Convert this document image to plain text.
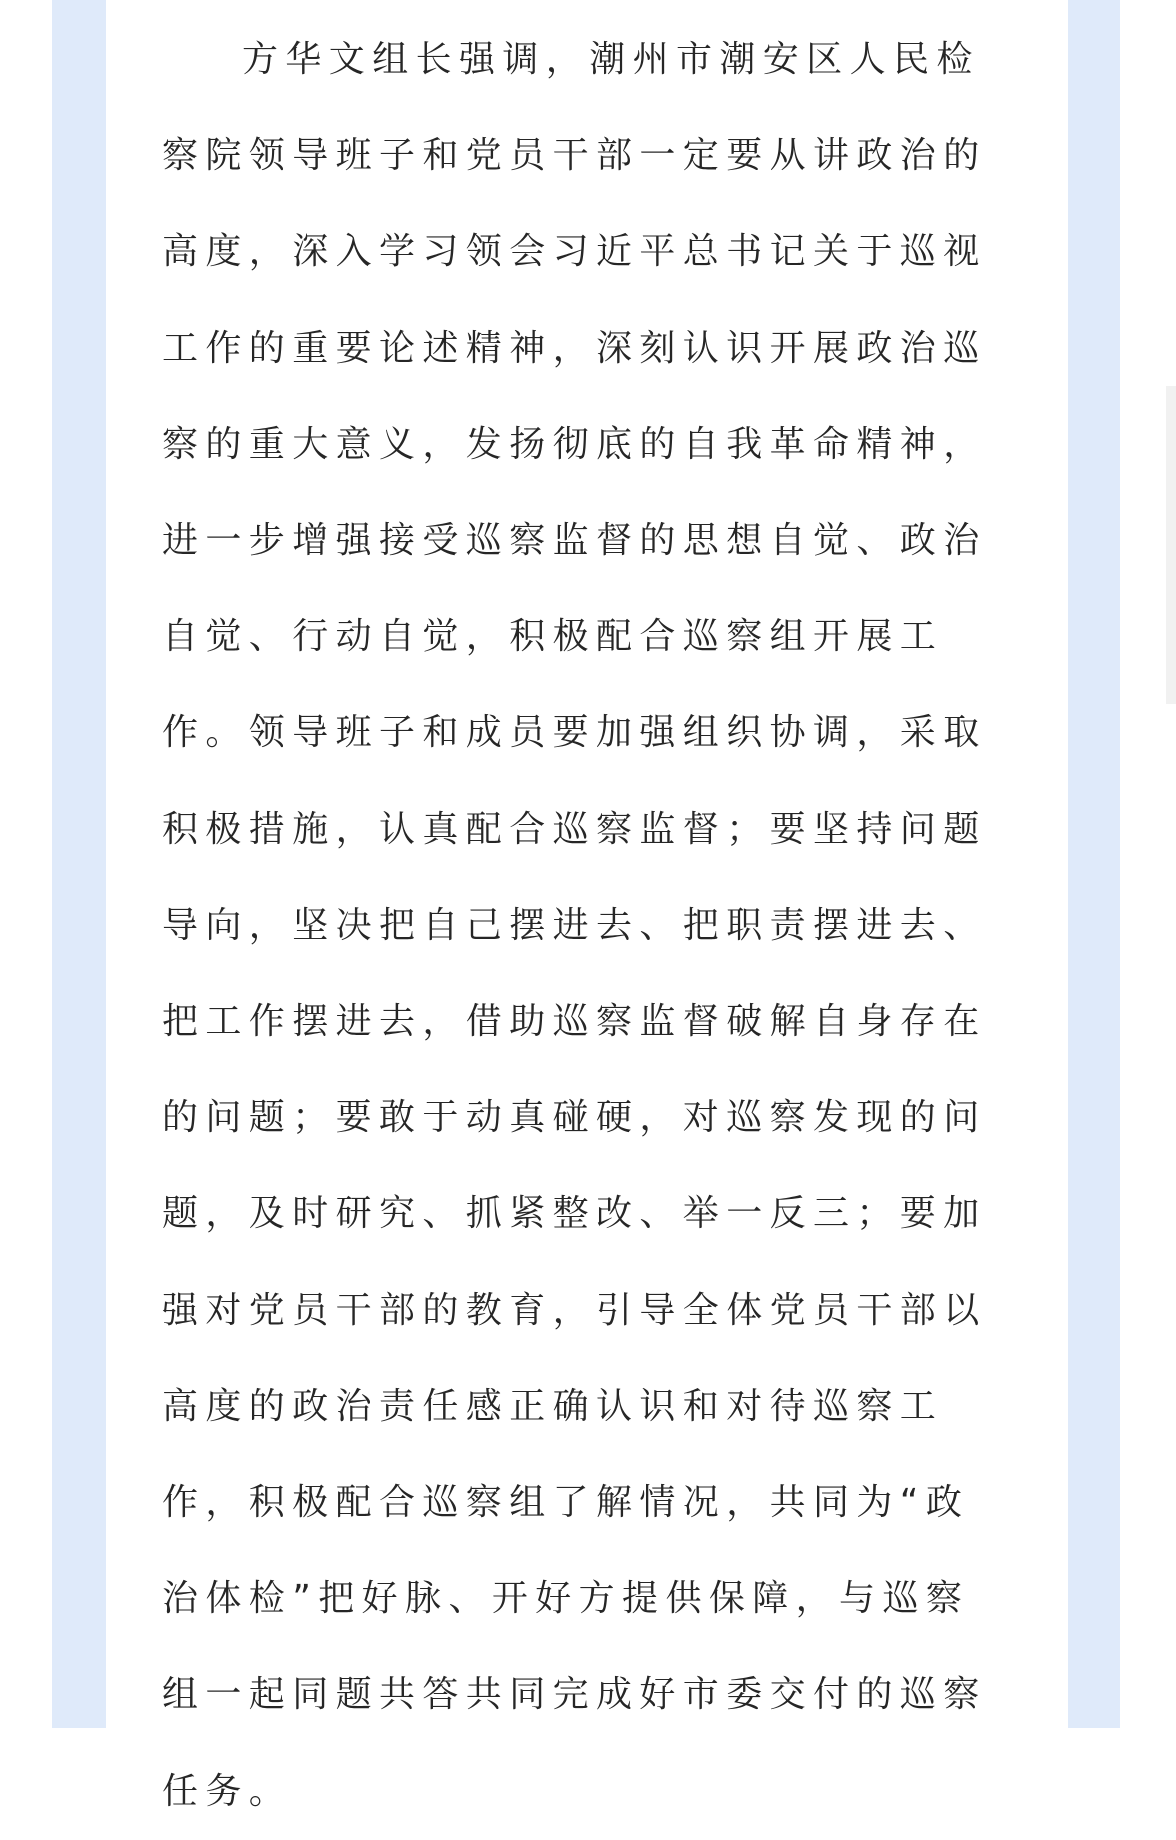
方华文组长强调，潮州市潮安区人民检察院领导班子和党员干部一定要从讲政治的高度，深入学习领会习近平总书记关于巡视工作的重要论述精神，深刻认识开展政治巡察的重大意义，发扬彻底的自我革命精神，进一步增强接受巡察监督的思想自觉、政治自觉、行动自觉，积极配合巡察组开展工作。领导班子和成员要加强组织协调，采取积极措施，认真配合巡察监督；要坚持问题导向，坚决把自己摆进去、把职责摆进去、把工作摆进去，借助巡察监督破解自身存在的问题；要敢于动真碰硬，对巡察发现的问题，及时研究、抓紧整改、举一反三；要加强对党员干部的教育，引导全体党员干部以高度的政治责任感正确认识和对待巡察工作，积极配合巡察组了解情况，共同为“政治体检”把好脉、开好方提供保障，与巡察组一起同题共答共同完成好市委交付的巡察任务。
